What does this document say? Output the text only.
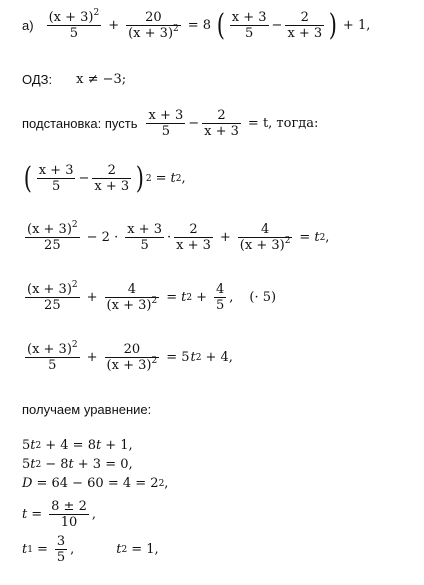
$а) \frac{(x + 3)^2}{5} + \frac{20}{(x + 3)^2} = 8$ ( $\frac{x + 3}{5} - \frac{2}{x + 3}$ ) + 1,
ОДЗ: x ≠ −3;
подстановка: пусть $\frac{x + 3}{5} - \frac{2}{x + 3} = t$, тогда:
( $\frac{x + 3}{5} - \frac{2}{x + 3}$ ) 2 = t 2 ,
$\frac{(x + 3)^2}{25} - 2 \cdot \frac{x + 3}{5} \cdot \frac{2}{x + 3} + \frac{4}{(x + 3)^2} = t$ 2 ,
$\frac{(x + 3)^2}{25} + \frac{4}{(x + 3)^2} = t$ $2 + \frac{4}{5}$ , (· 5)
$\frac{(x + 3)^2}{5} + \frac{20}{(x + 3)^2} = 5$ t 2 + 4,
получаем уравнение:
5 t 2 + 4 = 8 t + 1,
5 t 2 − 8 t + 3 = 0,
D = 64 − 60 = 4 = 2 2 ,
$t = \frac{8 \pm 2}{10}$ ,
t $1 = \frac{3}{5}$ ,	t 2 = 1,
